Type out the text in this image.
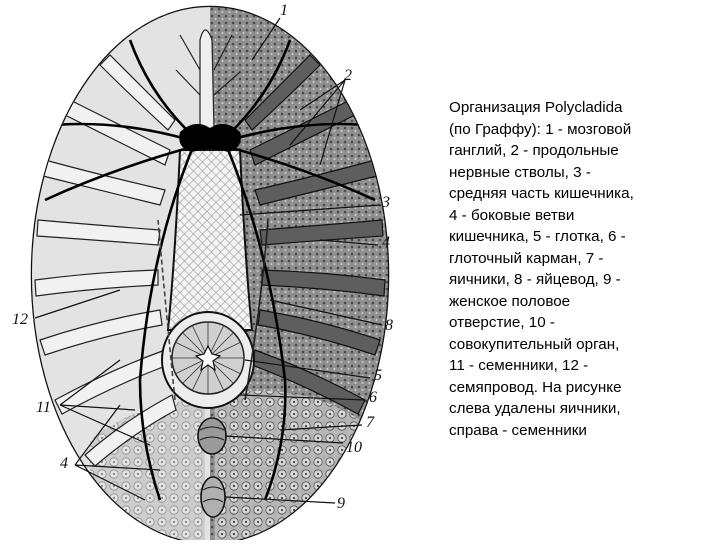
1
2
3
4
12	8
5
6
11
7
4
10
9
Организация Polycladida
(по Граффу): 1 - мозговой
ганглий, 2 - продольные
нервные стволы, 3 -
средняя часть кишечника,
4 - боковые ветви
кишечника, 5 - глотка, 6 -
глоточный карман, 7 -
яичники, 8 - яйцевод, 9 -
женское половое
отверстие, 10 -
совокупительный орган,
11 - семенники, 12 -
семяпровод. На рисунке
слева удалены яичники,
справа - семенники
